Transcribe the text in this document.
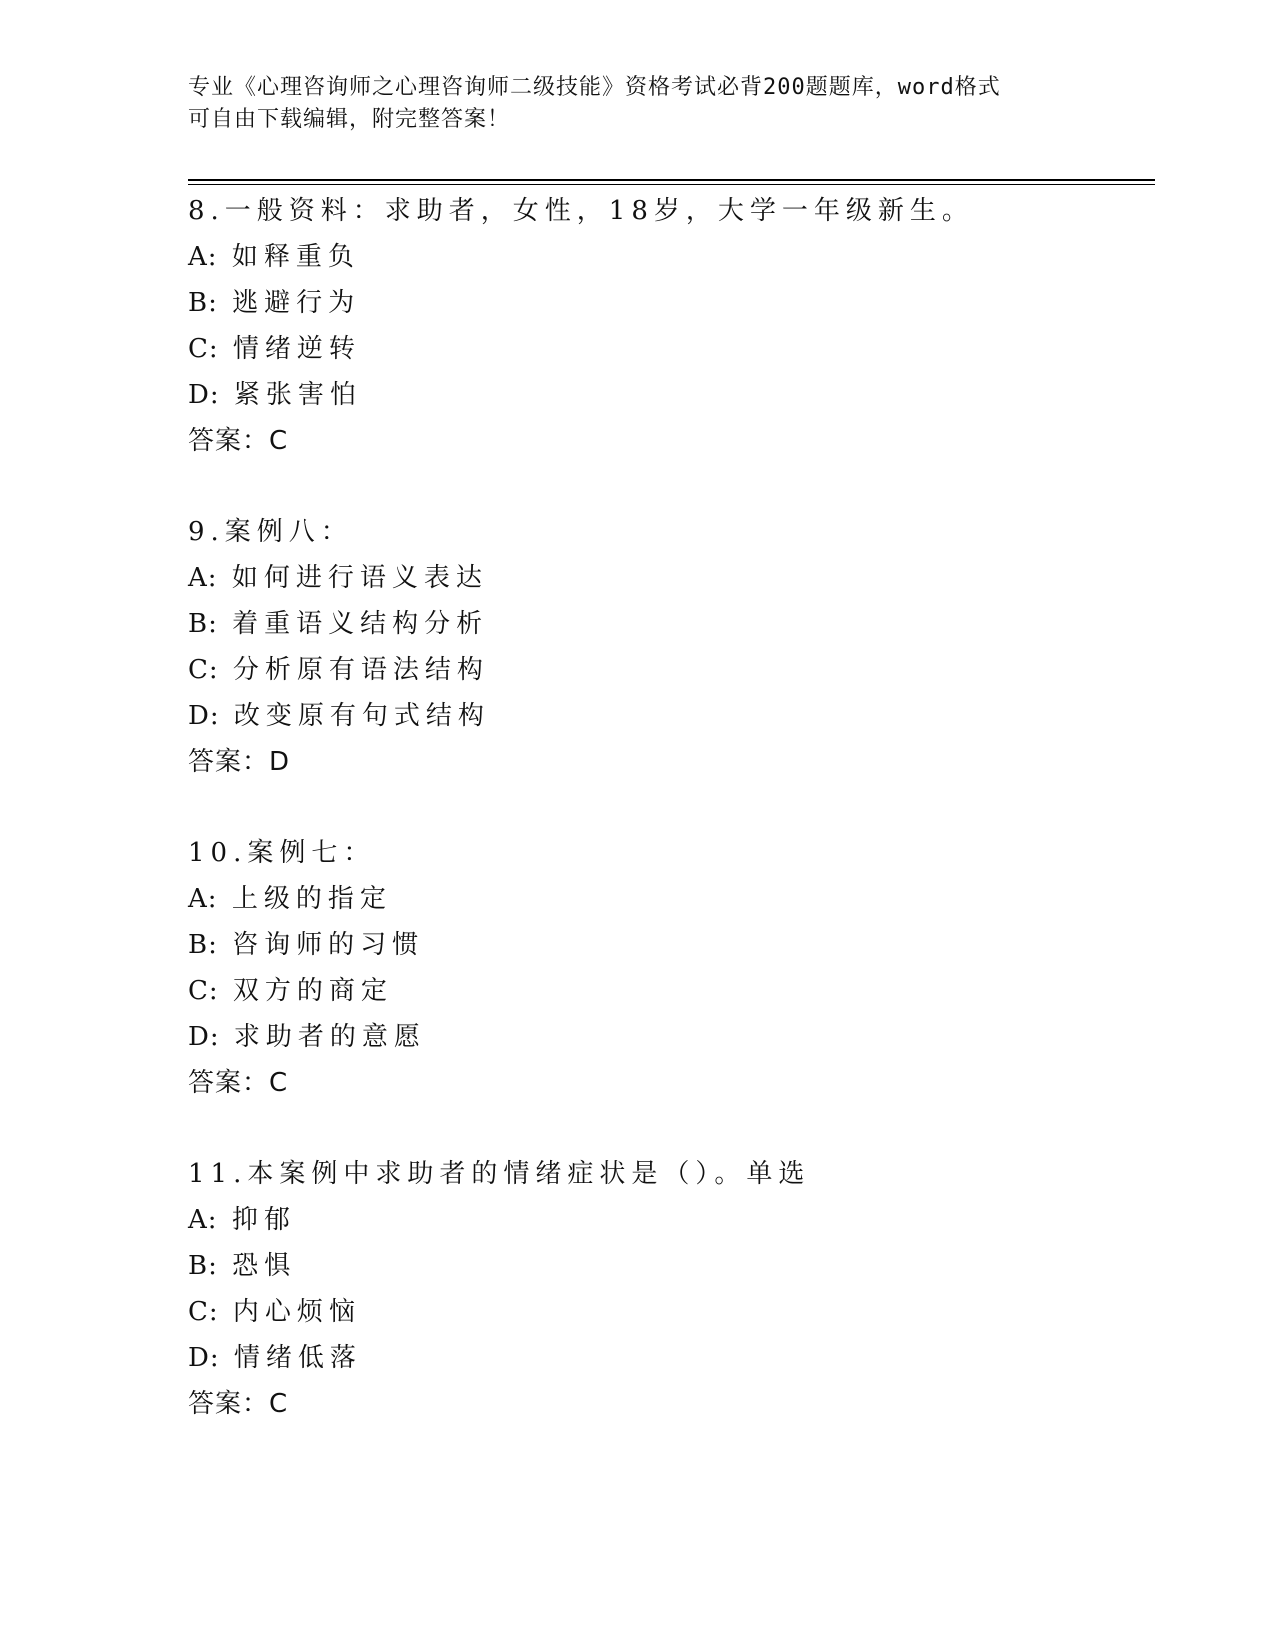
专业《心理咨询师之心理咨询师二级技能》资格考试必背200题题库，word格式
可自由下载编辑，附完整答案！
8.一般资料：求助者，女性，18岁，大学一年级新生。
A: 如释重负
B: 逃避行为
C: 情绪逆转
D: 紧张害怕
答案：C
9.案例八：
A: 如何进行语义表达
B: 着重语义结构分析
C: 分析原有语法结构
D: 改变原有句式结构
答案：D
10.案例七：
A: 上级的指定
B: 咨询师的习惯
C: 双方的商定
D: 求助者的意愿
答案：C
11.本案例中求助者的情绪症状是（）。单选
A: 抑郁
B: 恐惧
C: 内心烦恼
D: 情绪低落
答案：C
